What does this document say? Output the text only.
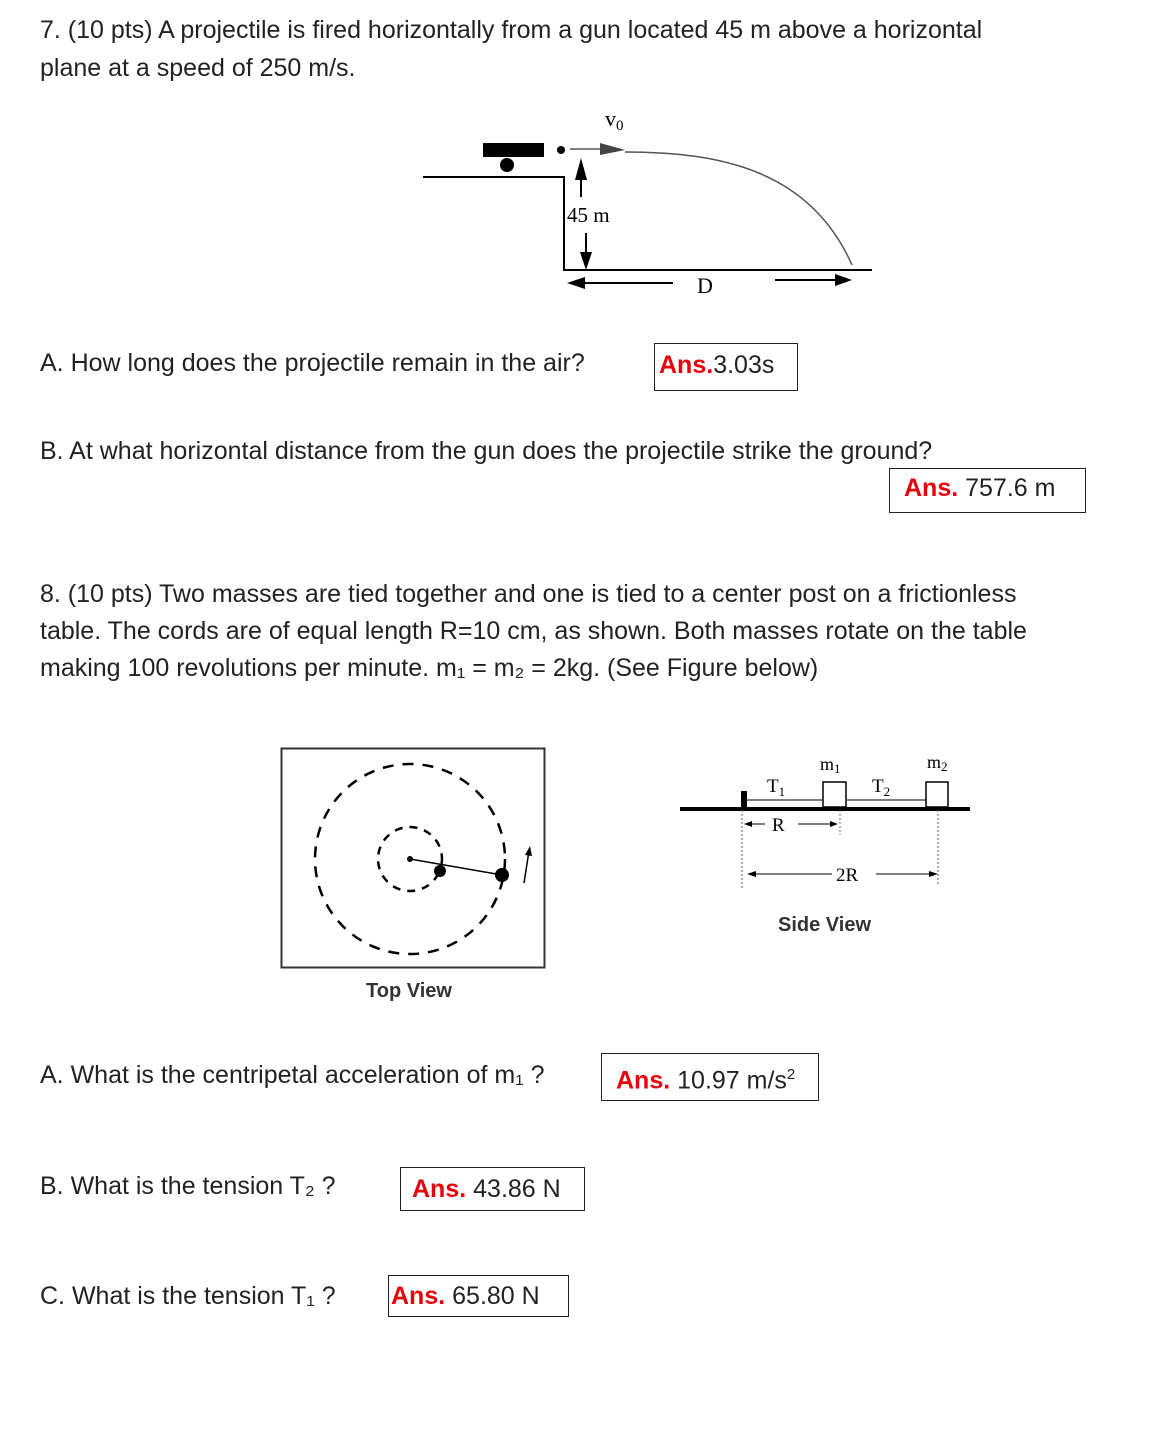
7. (10 pts) A projectile is fired horizontally from a gun located 45 m above a horizontal
plane at a speed of 250 m/s.
v0
45 m
D
A. How long does the projectile remain in the air?	Ans.3.03s
B. At what horizontal distance from the gun does the projectile strike the ground?
Ans. 757.6 m
8. (10 pts) Two masses are tied together and one is tied to a center post on a frictionless
table. The cords are of equal length R=10 cm, as shown. Both masses rotate on the table
making 100 revolutions per minute. m₁ = m₂ = 2kg. (See Figure below)
Top View
$T_1$	$T_2$
m1	m2
R
2R
Side View
A. What is the centripetal acceleration of m₁ ?	Ans. 10.97 $m/s^2$
B. What is the tension T₂ ?	Ans. 43.86 N
C. What is the tension T₁ ? Ans. 65.80 N
